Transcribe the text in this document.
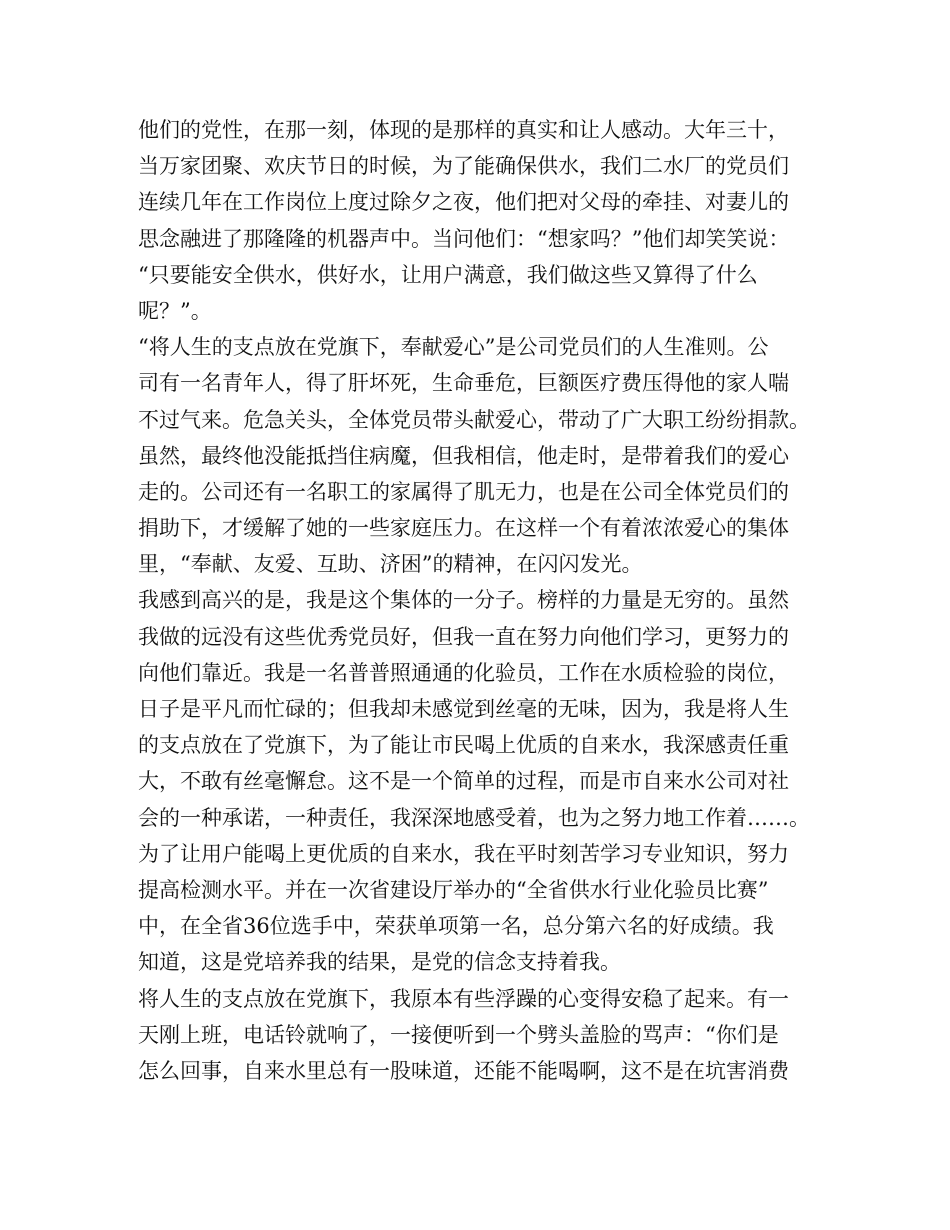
他们的党性，在那一刻，体现的是那样的真实和让人感动。大年三十，
当万家团聚、欢庆节日的时候，为了能确保供水，我们二水厂的党员们
连续几年在工作岗位上度过除夕之夜，他们把对父母的牵挂、对妻儿的
思念融进了那隆隆的机器声中。当问他们：“想家吗？”他们却笑笑说：
“只要能安全供水，供好水，让用户满意，我们做这些又算得了什么
呢？”。
“将人生的支点放在党旗下，奉献爱心”是公司党员们的人生准则。公
司有一名青年人，得了肝坏死，生命垂危，巨额医疗费压得他的家人喘
不过气来。危急关头，全体党员带头献爱心，带动了广大职工纷纷捐款。
虽然，最终他没能抵挡住病魔，但我相信，他走时，是带着我们的爱心
走的。公司还有一名职工的家属得了肌无力，也是在公司全体党员们的
捐助下，才缓解了她的一些家庭压力。在这样一个有着浓浓爱心的集体
里，“奉献、友爱、互助、济困”的精神，在闪闪发光。
我感到高兴的是，我是这个集体的一分子。榜样的力量是无穷的。虽然
我做的远没有这些优秀党员好，但我一直在努力向他们学习，更努力的
向他们靠近。我是一名普普照通通的化验员，工作在水质检验的岗位，
日子是平凡而忙碌的；但我却未感觉到丝毫的无味，因为，我是将人生
的支点放在了党旗下，为了能让市民喝上优质的自来水，我深感责任重
大，不敢有丝毫懈怠。这不是一个简单的过程，而是市自来水公司对社
会的一种承诺，一种责任，我深深地感受着，也为之努力地工作着……。
为了让用户能喝上更优质的自来水，我在平时刻苦学习专业知识，努力
提高检测水平。并在一次省建设厅举办的“全省供水行业化验员比赛”
中，在全省36位选手中，荣获单项第一名，总分第六名的好成绩。我
知道，这是党培养我的结果，是党的信念支持着我。
将人生的支点放在党旗下，我原本有些浮躁的心变得安稳了起来。有一
天刚上班，电话铃就响了，一接便听到一个劈头盖脸的骂声：“你们是
怎么回事，自来水里总有一股味道，还能不能喝啊，这不是在坑害消费
